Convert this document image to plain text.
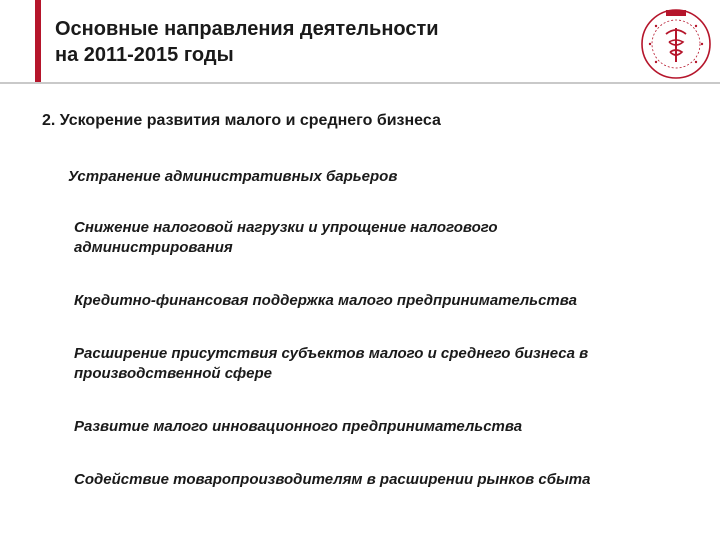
Основные направления деятельности
на 2011-2015 годы
2. Ускорение развития малого и среднего бизнеса
Устранение административных барьеров
Снижение налоговой нагрузки и упрощение налогового
администрирования
Кредитно-финансовая поддержка малого предпринимательства
Расширение присутствия субъектов малого и среднего бизнеса в
производственной сфере
Развитие малого инновационного предпринимательства
Содействие товаропроизводителям в расширении рынков сбыта
